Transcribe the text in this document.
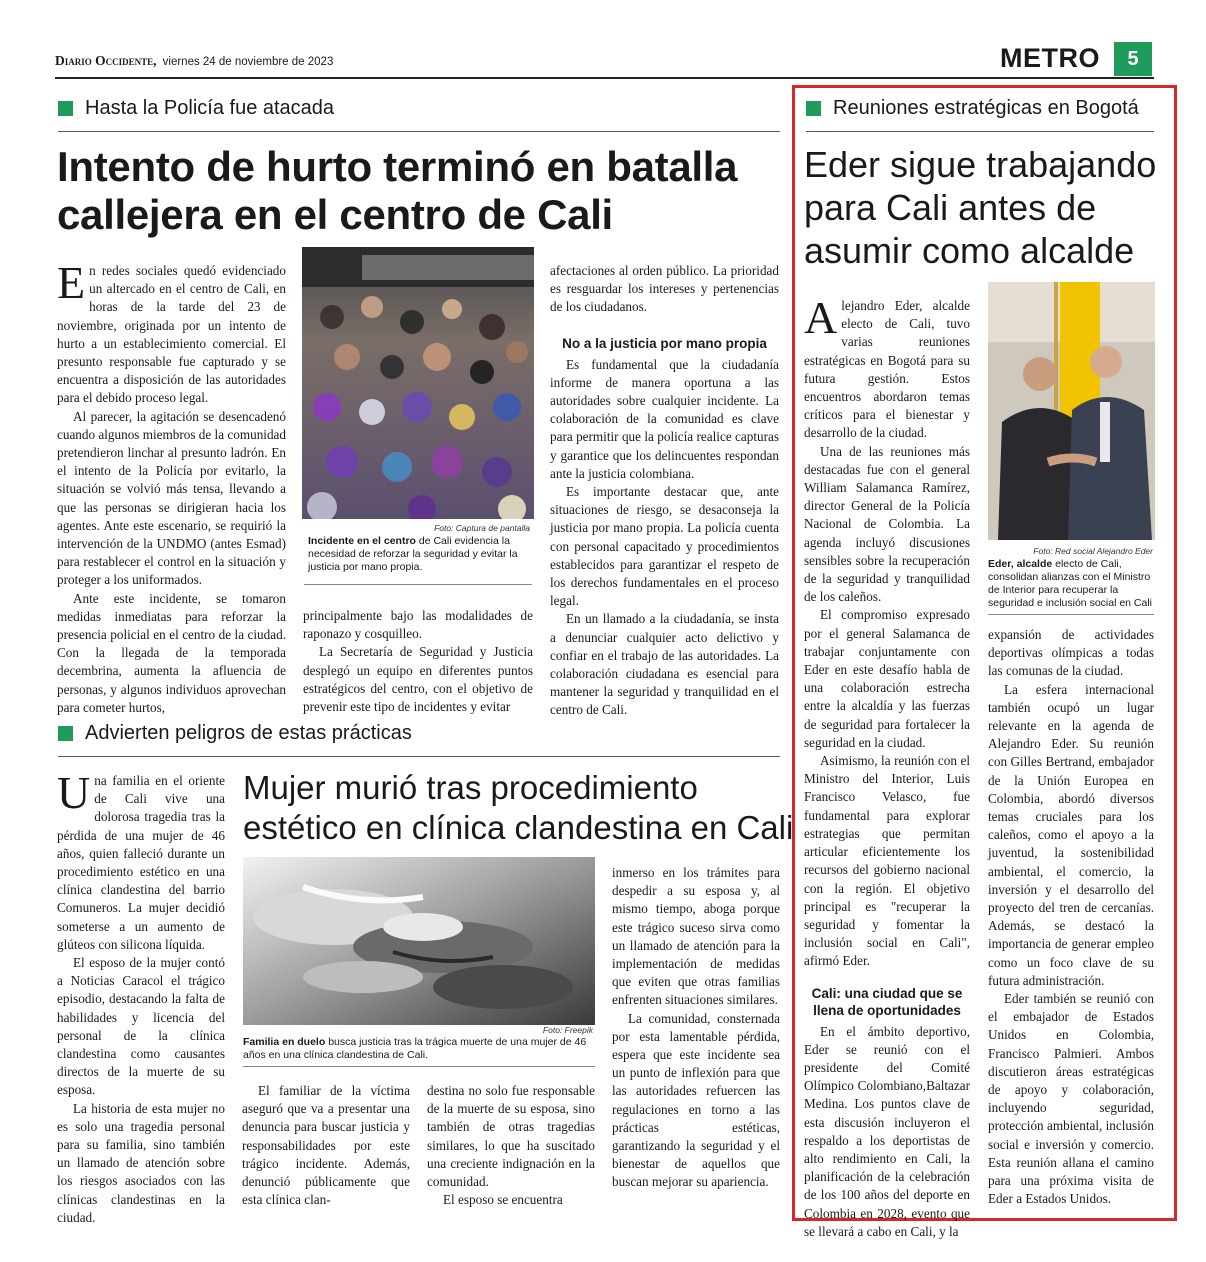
Diario Occidente, viernes 24 de noviembre de 2023	METRO	5
Hasta la Policía fue atacada
Intento de hurto terminó en batalla
callejera en el centro de Cali

En redes sociales quedó evidenciado un altercado en el centro de Cali, en horas de la tarde del 23 de noviembre, originada por un intento de hurto a un establecimiento comercial. El presunto responsable fue capturado y se encuentra a disposición de las autoridades para el debido proceso legal.

Al parecer, la agitación se desencadenó cuando algunos miembros de la comunidad pretendieron linchar al presunto ladrón. En el intento de la Policía por evitarlo, la situación se volvió más tensa, llevando a que las personas se dirigieran hacia los agentes. Ante este escenario, se requirió la intervención de la UNDMO (antes Esmad) para restablecer el control en la situación y proteger a los uniformados.

Ante este incidente, se tomaron medidas inmediatas para reforzar la presencia policial en el centro de la ciudad. Con la llegada de la temporada decembrina, aumenta la afluencia de personas, y algunos individuos aprovechan para cometer hurtos,

Foto: Captura de pantalla
Incidente en el centro de Cali evidencia la necesidad de reforzar la seguridad y evitar la justicia por mano propia.

principalmente bajo las modalidades de raponazo y cosquilleo.

La Secretaría de Seguridad y Justicia desplegó un equipo en diferentes puntos estratégicos del centro, con el objetivo de prevenir este tipo de incidentes y evitar

afectaciones al orden público. La prioridad es resguardar los intereses y pertenencias de los ciudadanos.

No a la justicia por mano propia

Es fundamental que la ciudadanía informe de manera oportuna a las autoridades sobre cualquier incidente. La colaboración de la comunidad es clave para permitir que la policía realice capturas y garantice que los delincuentes respondan ante la justicia colombiana.

Es importante destacar que, ante situaciones de riesgo, se desaconseja la justicia por mano propia. La policía cuenta con personal capacitado y procedimientos establecidos para garantizar el respeto de los derechos fundamentales en el proceso legal.

En un llamado a la ciudadanía, se insta a denunciar cualquier acto delictivo y confiar en el trabajo de las autoridades. La colaboración ciudadana es esencial para mantener la seguridad y tranquilidad en el centro de Cali.

Advierten peligros de estas prácticas

Una familia en el oriente de Cali vive una dolorosa tragedia tras la pérdida de una mujer de 46 años, quien falleció durante un procedimiento estético en una clínica clandestina del barrio Comuneros. La mujer decidió someterse a un aumento de glúteos con silicona líquida.

El esposo de la mujer contó a Noticias Caracol el trágico episodio, destacando la falta de habilidades y licencia del personal de la clínica clandestina como causantes directos de la muerte de su esposa.

La historia de esta mujer no es solo una tragedia personal para su familia, sino también un llamado de atención sobre los riesgos asociados con las clínicas clandestinas en la ciudad.

Mujer murió tras procedimiento
estético en clínica clandestina en Cali
Foto: Freepik
Familia en duelo busca justicia tras la trágica muerte de una mujer de 46 años en una clínica clandestina de Cali.

El familiar de la víctima aseguró que va a presentar una denuncia para buscar justicia y responsabilidades por este trágico incidente. Además, denunció públicamente que esta clínica clan-

destina no solo fue responsable de la muerte de su esposa, sino también de otras tragedias similares, lo que ha suscitado una creciente indignación en la comunidad.

El esposo se encuentra

inmerso en los trámites para despedir a su esposa y, al mismo tiempo, aboga porque este trágico suceso sirva como un llamado de atención para la implementación de medidas que eviten que otras familias enfrenten situaciones similares.

La comunidad, consternada por esta lamentable pérdida, espera que este incidente sea un punto de inflexión para que las autoridades refuercen las regulaciones en torno a las prácticas estéticas, garantizando la seguridad y el bienestar de aquellos que buscan mejorar su apariencia.

Reuniones estratégicas en Bogotá
Eder sigue trabajando
para Cali antes de
asumir como alcalde

Alejandro Eder, alcalde electo de Cali, tuvo varias reuniones estratégicas en Bogotá para su futura gestión. Estos encuentros abordaron temas críticos para el bienestar y desarrollo de la ciudad.

Una de las reuniones más destacadas fue con el general William Salamanca Ramírez, director General de la Policía Nacional de Colombia. La agenda incluyó discusiones sensibles sobre la recuperación de la seguridad y tranquilidad de los caleños.

El compromiso expresado por el general Salamanca de trabajar conjuntamente con Eder en este desafío habla de una colaboración estrecha entre la alcaldía y las fuerzas de seguridad para fortalecer la seguridad en la ciudad.

Asimismo, la reunión con el Ministro del Interior, Luis Francisco Velasco, fue fundamental para explorar estrategias que permitan articular eficientemente los recursos del gobierno nacional con la región. El objetivo principal es "recuperar la seguridad y fomentar la inclusión social en Cali", afirmó Eder.

Cali: una ciudad que se llena de oportunidades

En el ámbito deportivo, Eder se reunió con el presidente del Comité Olímpico Colombiano,Baltazar Medina. Los puntos clave de esta discusión incluyeron el respaldo a los deportistas de alto rendimiento en Cali, la planificación de la celebración de los 100 años del deporte en Colombia en 2028, evento que se llevará a cabo en Cali, y la

Foto: Red social Alejandro Eder
Eder, alcalde electo de Cali, consolidan alianzas con el Ministro de Interior para recuperar la seguridad e inclusión social en Cali

expansión de actividades deportivas olímpicas a todas las comunas de la ciudad.

La esfera internacional también ocupó un lugar relevante en la agenda de Alejandro Eder. Su reunión con Gilles Bertrand, embajador de la Unión Europea en Colombia, abordó diversos temas cruciales para los caleños, como el apoyo a la juventud, la sostenibilidad ambiental, el comercio, la inversión y el desarrollo del proyecto del tren de cercanías. Además, se destacó la importancia de generar empleo como un foco clave de su futura administración.

Eder también se reunió con el embajador de Estados Unidos en Colombia, Francisco Palmieri. Ambos discutieron áreas estratégicas de apoyo y colaboración, incluyendo seguridad, protección ambiental, inclusión social e inversión y comercio. Esta reunión allana el camino para una próxima visita de Eder a Estados Unidos.
